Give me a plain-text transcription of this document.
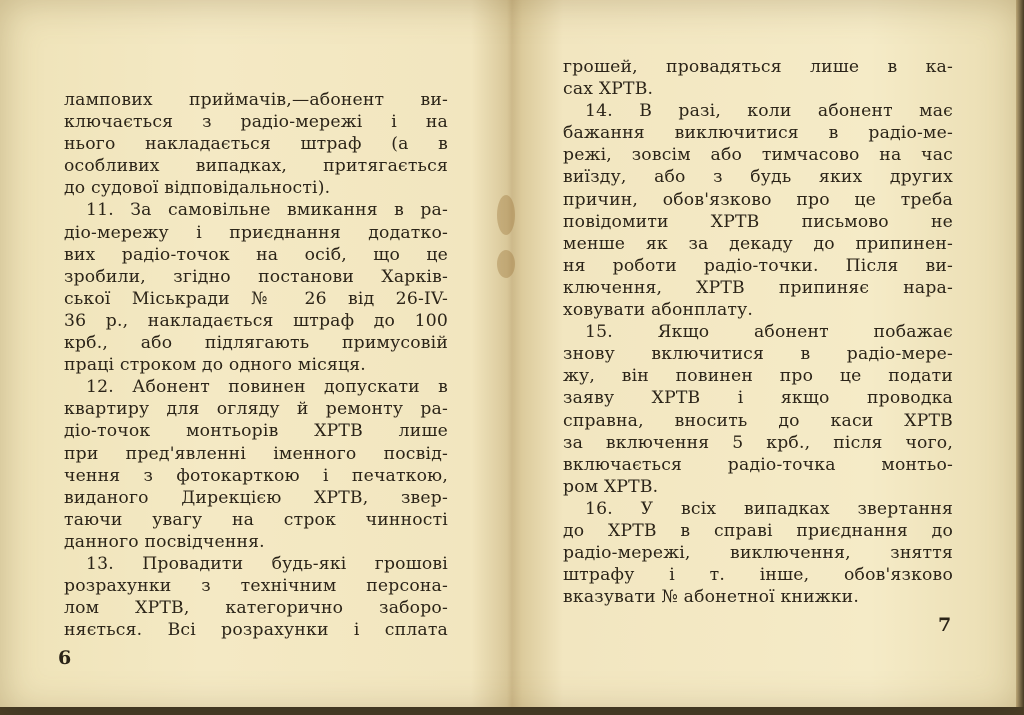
лампових приймачів,—абонент ви-
ключається з радіо-мережі і на
нього накладається штраф (а в
особливих випадках, притягається
до судової відповідальності).
11. За самовільне вмикання в ра-
діо-мережу і приєднання додатко-
вих радіо-точок на осіб, що це
зробили, згідно постанови Харків-
ської Міськради № 26 від 26-IV-
36 р., накладається штраф до 100
крб., або підлягають примусовій
праці строком до одного місяця.
12. Абонент повинен допускати в
квартиру для огляду й ремонту ра-
діо-точок монтьорів ХРТВ лише
при пред'явленні іменного посвід-
чення з фотокарткою і печаткою,
виданого Дирекцією ХРТВ, звер-
таючи увагу на строк чинності
данного посвідчення.
13. Провадити будь-які грошові
розрахунки з технічним персона-
лом ХРТВ, категорично заборо-
няється. Всі розрахунки і сплата
6
грошей, провадяться лише в ка-
сах ХРТВ.
14. В разі, коли абонент має
бажання виключитися в радіо-ме-
режі, зовсім або тимчасово на час
виїзду, або з будь яких других
причин, обов'язково про це треба
повідомити ХРТВ письмово не
менше як за декаду до припинен-
ня роботи радіо-точки. Після ви-
ключення, ХРТВ припиняє нара-
ховувати абонплату.
15. Якщо абонент побажає
знову включитися в радіо-мере-
жу, він повинен про це подати
заяву ХРТВ і якщо проводка
справна, вносить до каси ХРТВ
за включення 5 крб., після чого,
включається радіо-точка монтьо-
ром ХРТВ.
16. У всіх випадках звертання
до ХРТВ в справі приєднання до
радіо-мережі, виключення, зняття
штрафу і т. інше, обов'язково
вказувати № абонетної книжки.
7
